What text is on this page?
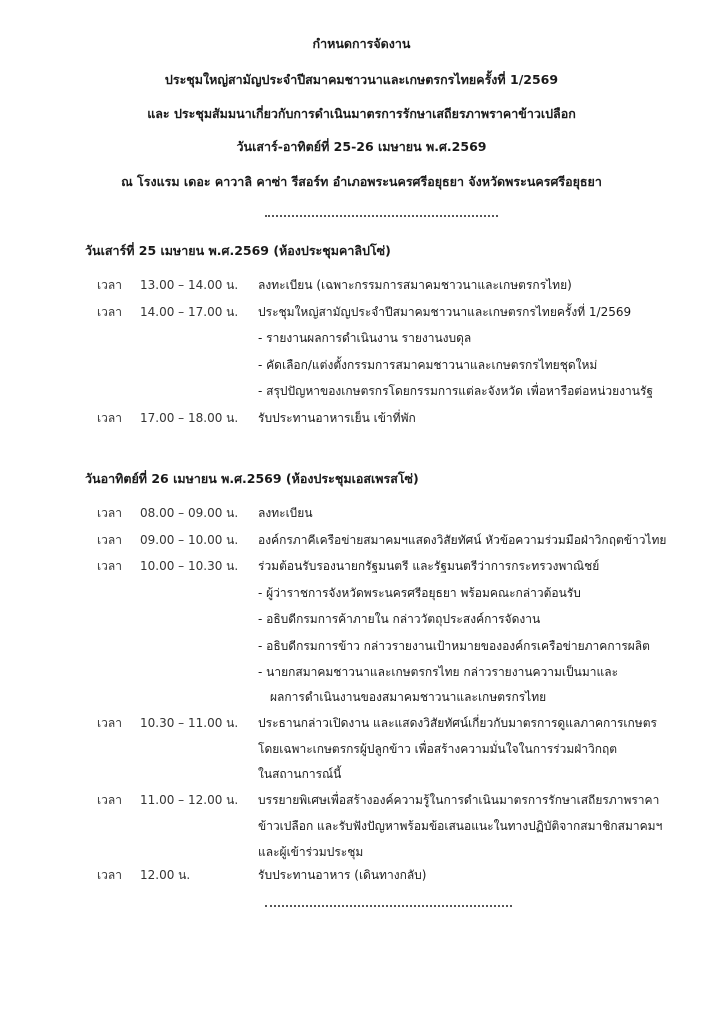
กำหนดการจัดงาน
ประชุมใหญ่สามัญประจำปีสมาคมชาวนาและเกษตรกรไทยครั้งที่ 1/2569
และ ประชุมสัมมนาเกี่ยวกับการดำเนินมาตรการรักษาเสถียรภาพราคาข้าวเปลือก
วันเสาร์-อาทิตย์ที่ 25-26 เมษายน พ.ศ.2569
ณ โรงแรม เดอะ คาวาลิ คาซ่า รีสอร์ท อำเภอพระนครศรีอยุธยา จังหวัดพระนครศรีอยุธยา
วันเสาร์ที่ 25 เมษายน พ.ศ.2569 (ห้องประชุมคาลิปโซ่)
เวลา 13.00 – 14.00 น. ลงทะเบียน (เฉพาะกรรมการสมาคมชาวนาและเกษตรกรไทย)
เวลา 14.00 – 17.00 น. ประชุมใหญ่สามัญประจำปีสมาคมชาวนาและเกษตรกรไทยครั้งที่ 1/2569
- รายงานผลการดำเนินงาน รายงานงบดุล
- คัดเลือก/แต่งตั้งกรรมการสมาคมชาวนาและเกษตรกรไทยชุดใหม่
- สรุปปัญหาของเกษตรกรโดยกรรมการแต่ละจังหวัด เพื่อหารือต่อหน่วยงานรัฐ
เวลา 17.00 – 18.00 น. รับประทานอาหารเย็น เข้าที่พัก
วันอาทิตย์ที่ 26 เมษายน พ.ศ.2569 (ห้องประชุมเอสเพรสโซ่)
เวลา 08.00 – 09.00 น. ลงทะเบียน
เวลา 09.00 – 10.00 น. องค์กรภาคีเครือข่ายสมาคมฯแสดงวิสัยทัศน์ หัวข้อความร่วมมือฝ่าวิกฤตข้าวไทย
เวลา 10.00 – 10.30 น. ร่วมต้อนรับรองนายกรัฐมนตรี และรัฐมนตรีว่าการกระทรวงพาณิชย์
- ผู้ว่าราชการจังหวัดพระนครศรีอยุธยา พร้อมคณะกล่าวต้อนรับ
- อธิบดีกรมการค้าภายใน กล่าววัตถุประสงค์การจัดงาน
- อธิบดีกรมการข้าว กล่าวรายงานเป้าหมายขององค์กรเครือข่ายภาคการผลิต
- นายกสมาคมชาวนาและเกษตรกรไทย กล่าวรายงานความเป็นมาและ
ผลการดำเนินงานของสมาคมชาวนาและเกษตรกรไทย
เวลา 10.30 – 11.00 น. ประธานกล่าวเปิดงาน และแสดงวิสัยทัศน์เกี่ยวกับมาตรการดูแลภาคการเกษตร
โดยเฉพาะเกษตรกรผู้ปลูกข้าว เพื่อสร้างความมั่นใจในการร่วมฝ่าวิกฤต
ในสถานการณ์นี้
เวลา 11.00 – 12.00 น. บรรยายพิเศษเพื่อสร้างองค์ความรู้ในการดำเนินมาตรการรักษาเสถียรภาพราคา
ข้าวเปลือก และรับฟังปัญหาพร้อมข้อเสนอแนะในทางปฏิบัติจากสมาชิกสมาคมฯ
และผู้เข้าร่วมประชุม
เวลา 12.00 น.	รับประทานอาหาร (เดินทางกลับ)
